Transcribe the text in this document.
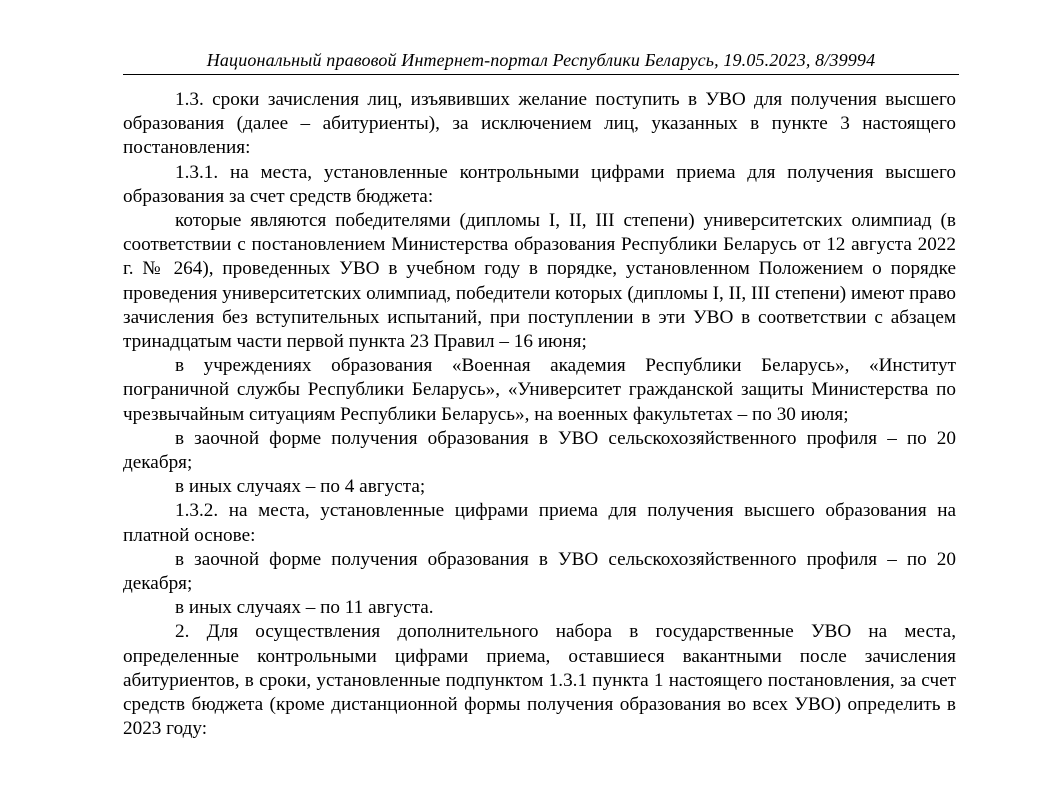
Национальный правовой Интернет-портал Республики Беларусь, 19.05.2023, 8/39994

1.3. сроки зачисления лиц, изъявивших желание поступить в УВО для получения высшего образования (далее – абитуриенты), за исключением лиц, указанных в пункте 3 настоящего постановления:

1.3.1. на места, установленные контрольными цифрами приема для получения высшего образования за счет средств бюджета:

которые являются победителями (дипломы I, II, III степени) университетских олимпиад (в соответствии с постановлением Министерства образования Республики Беларусь от 12 августа 2022 г. № 264), проведенных УВО в учебном году в порядке, установленном Положением о порядке проведения университетских олимпиад, победители которых (дипломы I, II, III степени) имеют право зачисления без вступительных испытаний, при поступлении в эти УВО в соответствии с абзацем тринадцатым части первой пункта 23 Правил – 16 июня;

в учреждениях образования «Военная академия Республики Беларусь», «Институт пограничной службы Республики Беларусь», «Университет гражданской защиты Министерства по чрезвычайным ситуациям Республики Беларусь», на военных факультетах – по 30 июля;

в заочной форме получения образования в УВО сельскохозяйственного профиля – по 20 декабря;

в иных случаях – по 4 августа;

1.3.2. на места, установленные цифрами приема для получения высшего образования на платной основе:

в заочной форме получения образования в УВО сельскохозяйственного профиля – по 20 декабря;

в иных случаях – по 11 августа.

2. Для осуществления дополнительного набора в государственные УВО на места, определенные контрольными цифрами приема, оставшиеся вакантными после зачисления абитуриентов, в сроки, установленные подпунктом 1.3.1 пункта 1 настоящего постановления, за счет средств бюджета (кроме дистанционной формы получения образования во всех УВО) определить в 2023 году:
